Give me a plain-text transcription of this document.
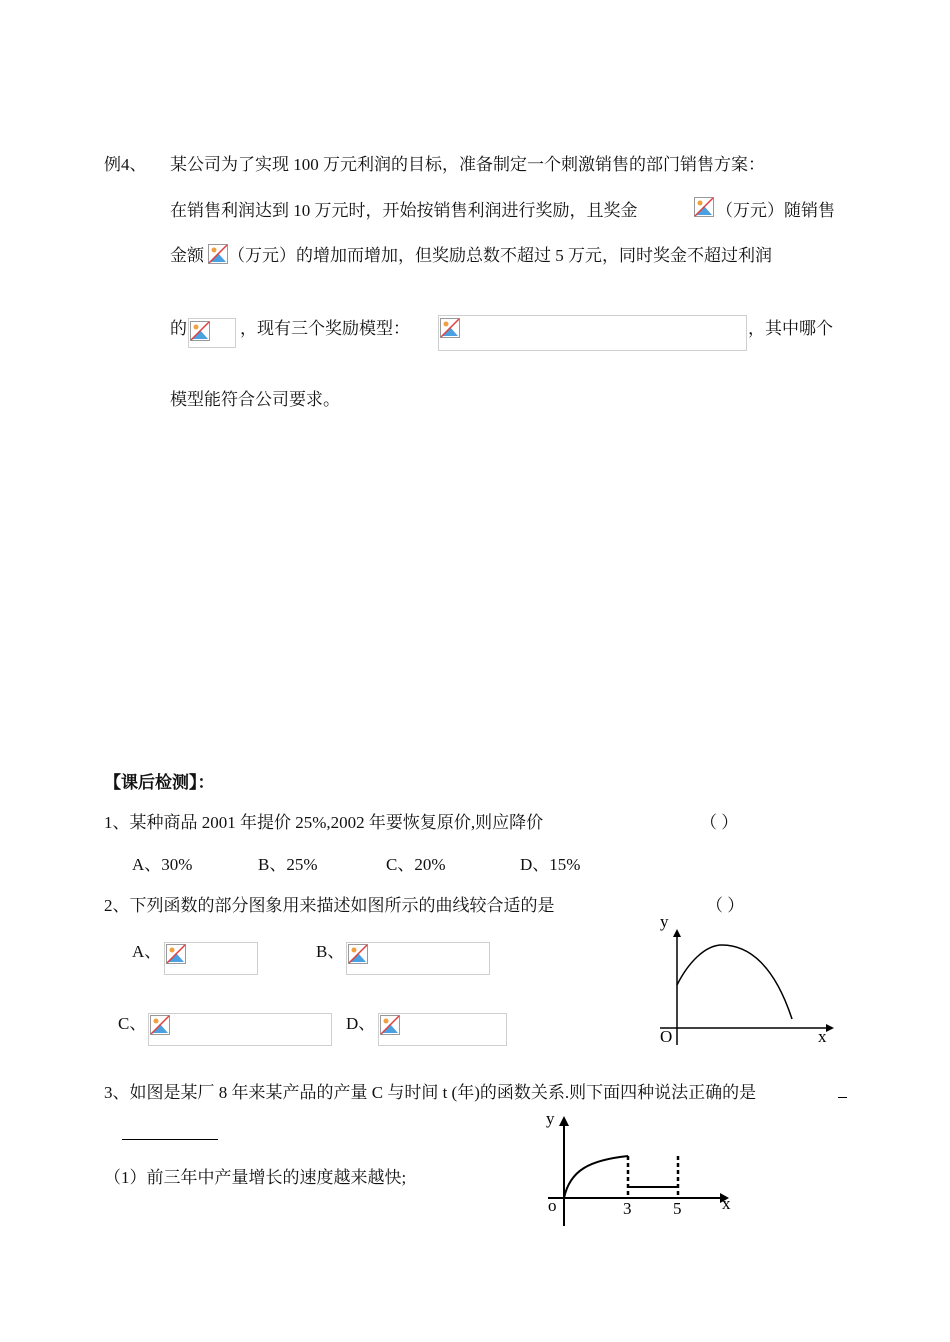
例4、 某公司为了实现 100 万元利润的目标，准备制定一个刺激销售的部门销售方案：
在销售利润达到 10 万元时，开始按销售利润进行奖励，且奖金	（万元）随销售
金额 （万元）的增加而增加，但奖励总数不超过 5 万元，同时奖金不超过利润
的	，现有三个奖励模型：	，其中哪个
模型能符合公司要求。
【课后检测】：
1、某种商品 2001 年提价 25%,2002 年要恢复原价,则应降价	（ ）
A、30%	B、25%	C、20%	D、15%
2、下列函数的部分图象用来描述如图所示的曲线较合适的是	（ ）
A、	B、
C、	D、
y
x
O
3、如图是某厂 8 年来某产品的产量 C 与时间 t (年)的函数关系.则下面四种说法正确的是
（1）前三年中产量增长的速度越来越快;
y
x
o	3 5
